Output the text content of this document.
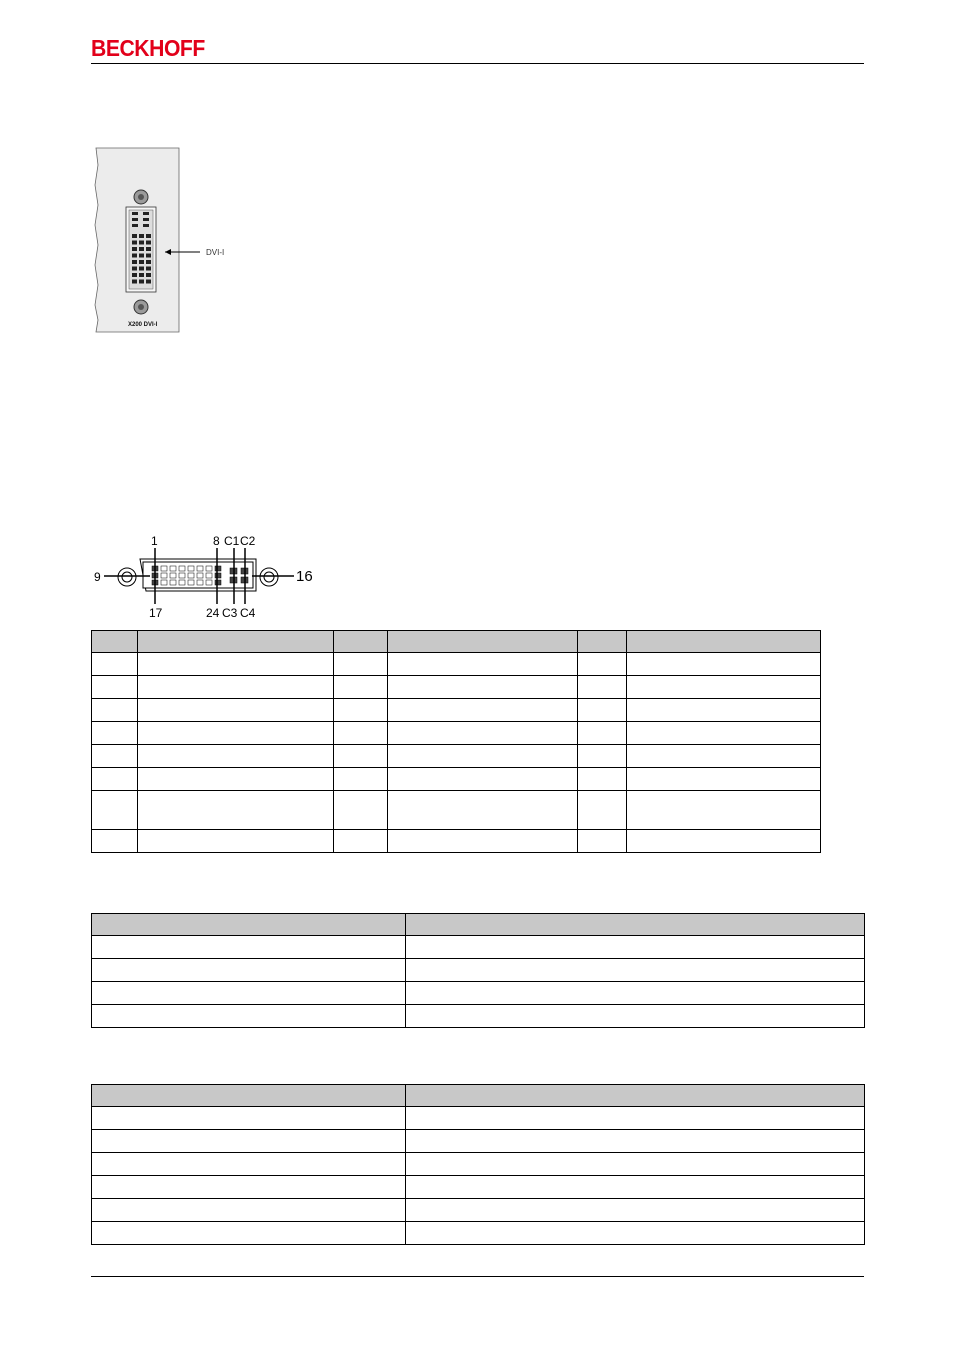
BECKHOFF
DVI-I
X200 DVI-I
1	8 C1 C2
9	16
17	24 C3 C4
